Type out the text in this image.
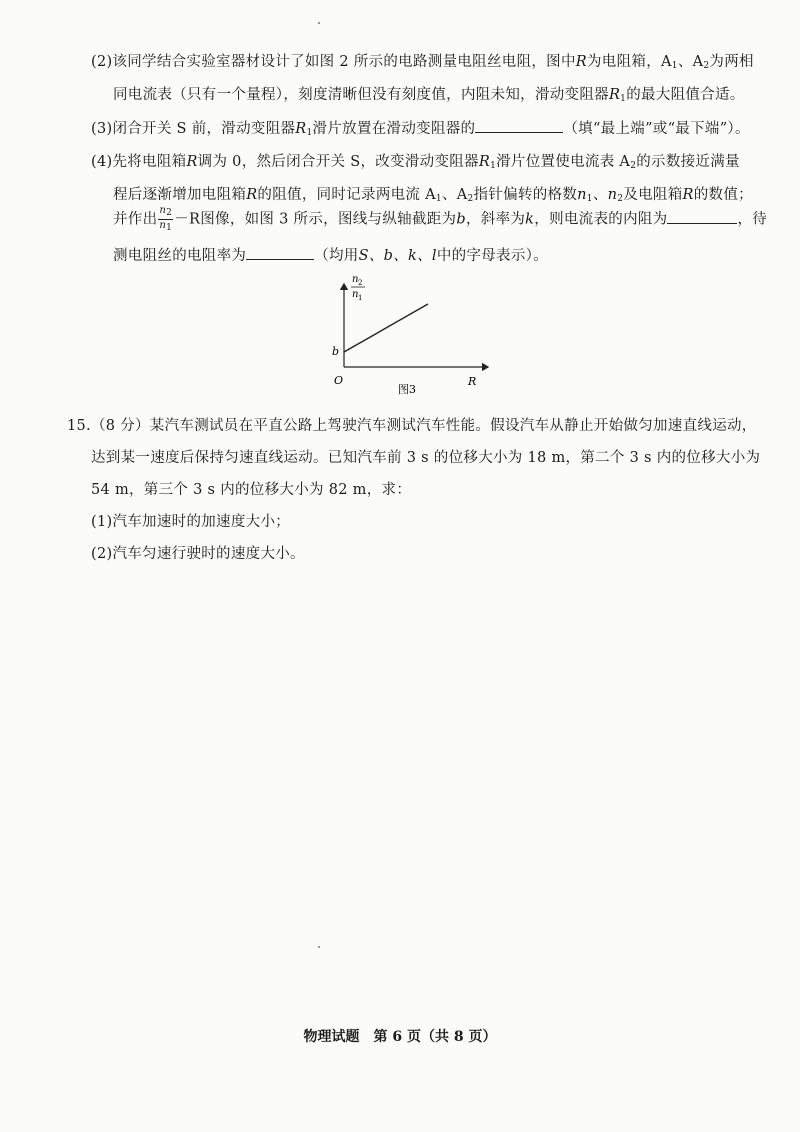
(2)该同学结合实验室器材设计了如图 2 所示的电路测量电阻丝电阻，图中R为电阻箱，$A_1$、$A_2$为两相
同电流表（只有一个量程），刻度清晰但没有刻度值，内阻未知，滑动变阻器$R_1$的最大阻值合适。
(3)闭合开关 S 前，滑动变阻器$R_1$滑片放置在滑动变阻器的	（填“最上端”或“最下端”）。
(4)先将电阻箱R调为 0，然后闭合开关 S，改变滑动变阻器$R_1$滑片位置使电流表 $A_2$的示数接近满量
程后逐渐增加电阻箱R的阻值，同时记录两电流 $A_1$、$A_2$指针偏转的格数$n_1$、$n_2$及电阻箱R的数值；
并作出 $\frac{n_2}{n_1} -R$图像，如图 3 所示，图线与纵轴截距为b，斜率为k，则电流表的内阻为	，待
测电阻丝的电阻率为	（均用S、b、k、l中的字母表示）。
n 2
n 1
b
O	R
图3
15.（8 分）某汽车测试员在平直公路上驾驶汽车测试汽车性能。假设汽车从静止开始做匀加速直线运动，
达到某一速度后保持匀速直线运动。已知汽车前 3 s 的位移大小为 18 m，第二个 3 s 内的位移大小为
54 m，第三个 3 s 内的位移大小为 82 m，求：
(1)汽车加速时的加速度大小；
(2)汽车匀速行驶时的速度大小。
物理试题　第 6 页（共 8 页）
